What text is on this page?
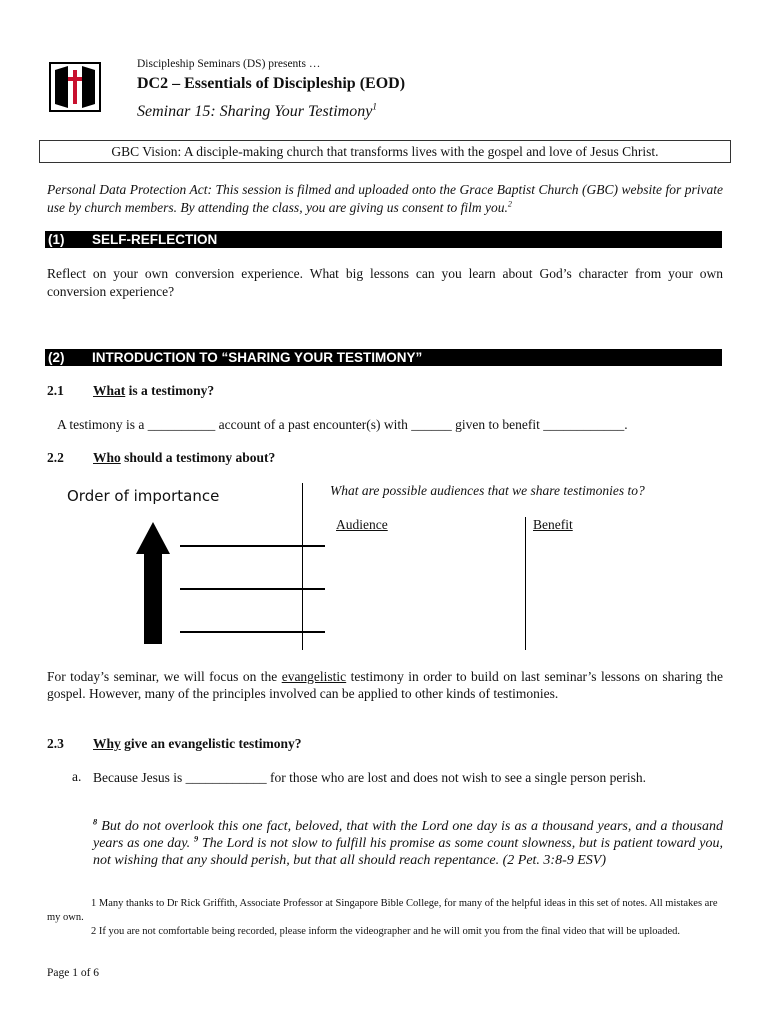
Discipleship Seminars (DS) presents …
DC2 – Essentials of Discipleship (EOD)
Seminar 15: Sharing Your Testimony$^1$
GBC Vision: A disciple-making church that transforms lives with the gospel and love of Jesus Christ.
Personal Data Protection Act: This session is filmed and uploaded onto the Grace Baptist Church (GBC) website for private use by church members. By attending the class, you are giving us consent to film you.$^2$
(1) SELF-REFLECTION
Reflect on your own conversion experience. What big lessons can you learn about God’s character from your own conversion experience?
(2) INTRODUCTION TO “SHARING YOUR TESTIMONY”
2.1 What is a testimony?
A testimony is a __________ account of a past encounter(s) with ______ given to benefit ____________.
2.2 Who should a testimony about?
Order of importance	What are possible audiences that we share testimonies to?
Audience	Benefit
For today’s seminar, we will focus on the evangelistic testimony in order to build on last seminar’s lessons on sharing the gospel. However, many of the principles involved can be applied to other kinds of testimonies.
2.3 Why give an evangelistic testimony?
a. Because Jesus is ____________ for those who are lost and does not wish to see a single person perish.
$^8$ But do not overlook this one fact, beloved, that with the Lord one day is as a thousand years, and a thousand years as one day. $^9$ The Lord is not slow to fulfill his promise as some count slowness, but is patient toward you, not wishing that any should perish, but that all should reach repentance. (2 Pet. 3:8-9 ESV)
1 Many thanks to Dr Rick Griffith, Associate Professor at Singapore Bible College, for many of the helpful ideas in this set of notes. All mistakes are my own.
2 If you are not comfortable being recorded, please inform the videographer and he will omit you from the final video that will be uploaded.
Page 1 of 6
